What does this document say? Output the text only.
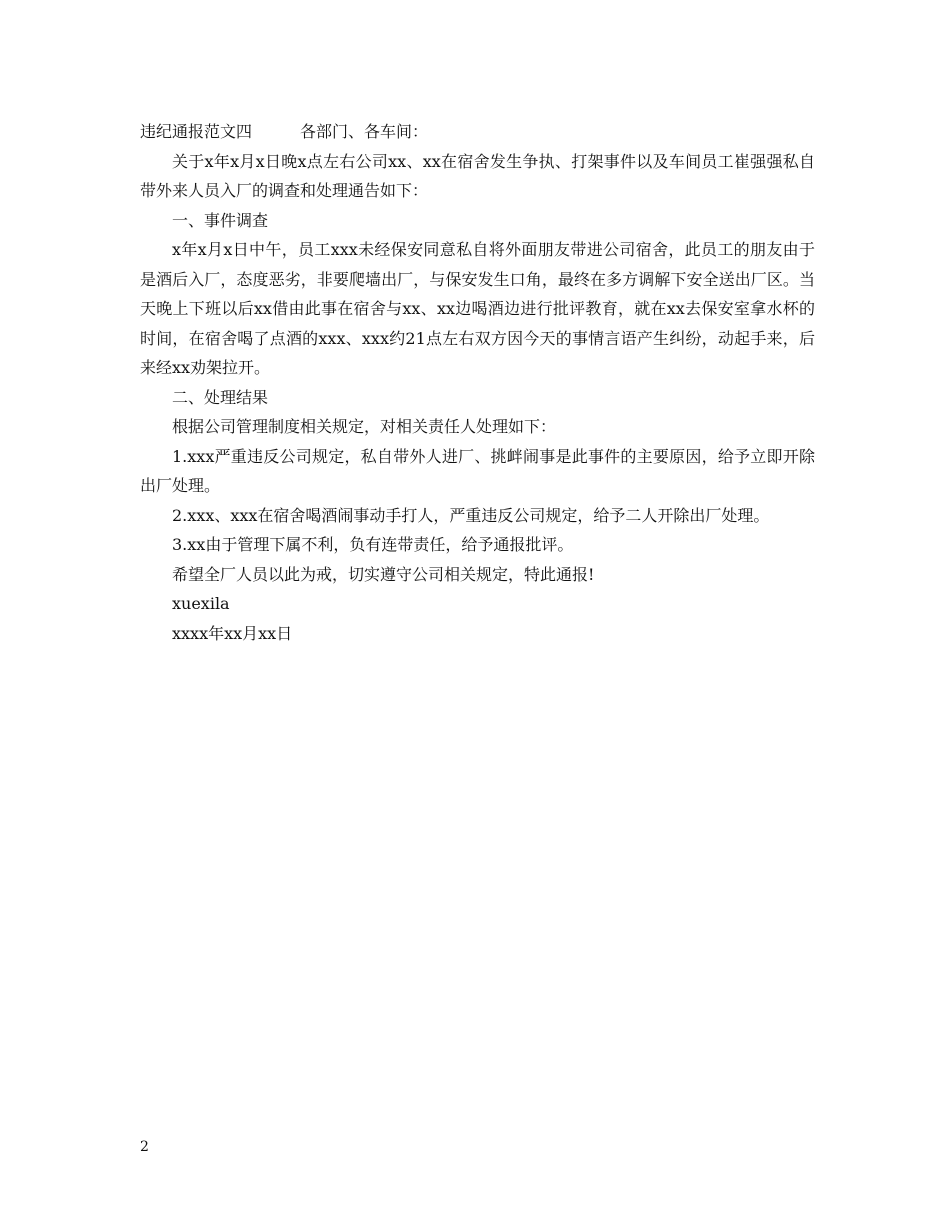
违纪通报范文四	各部门、各车间：

关于x年x月x日晚x点左右公司xx、xx在宿舍发生争执、打架事件以及车间员工崔强强私自带外来人员入厂的调查和处理通告如下：

一、事件调查

x年x月x日中午，员工xxx未经保安同意私自将外面朋友带进公司宿舍，此员工的朋友由于是酒后入厂，态度恶劣，非要爬墙出厂，与保安发生口角，最终在多方调解下安全送出厂区。当天晚上下班以后xx借由此事在宿舍与xx、xx边喝酒边进行批评教育，就在xx去保安室拿水杯的时间，在宿舍喝了点酒的xxx、xxx约21点左右双方因今天的事情言语产生纠纷，动起手来，后来经xx劝架拉开。

二、处理结果

根据公司管理制度相关规定，对相关责任人处理如下：

1.xxx严重违反公司规定，私自带外人进厂、挑衅闹事是此事件的主要原因，给予立即开除出厂处理。

2.xxx、xxx在宿舍喝酒闹事动手打人，严重违反公司规定，给予二人开除出厂处理。

3.xx由于管理下属不利，负有连带责任，给予通报批评。

希望全厂人员以此为戒，切实遵守公司相关规定，特此通报!

xuexila

xxxx年xx月xx日

2
